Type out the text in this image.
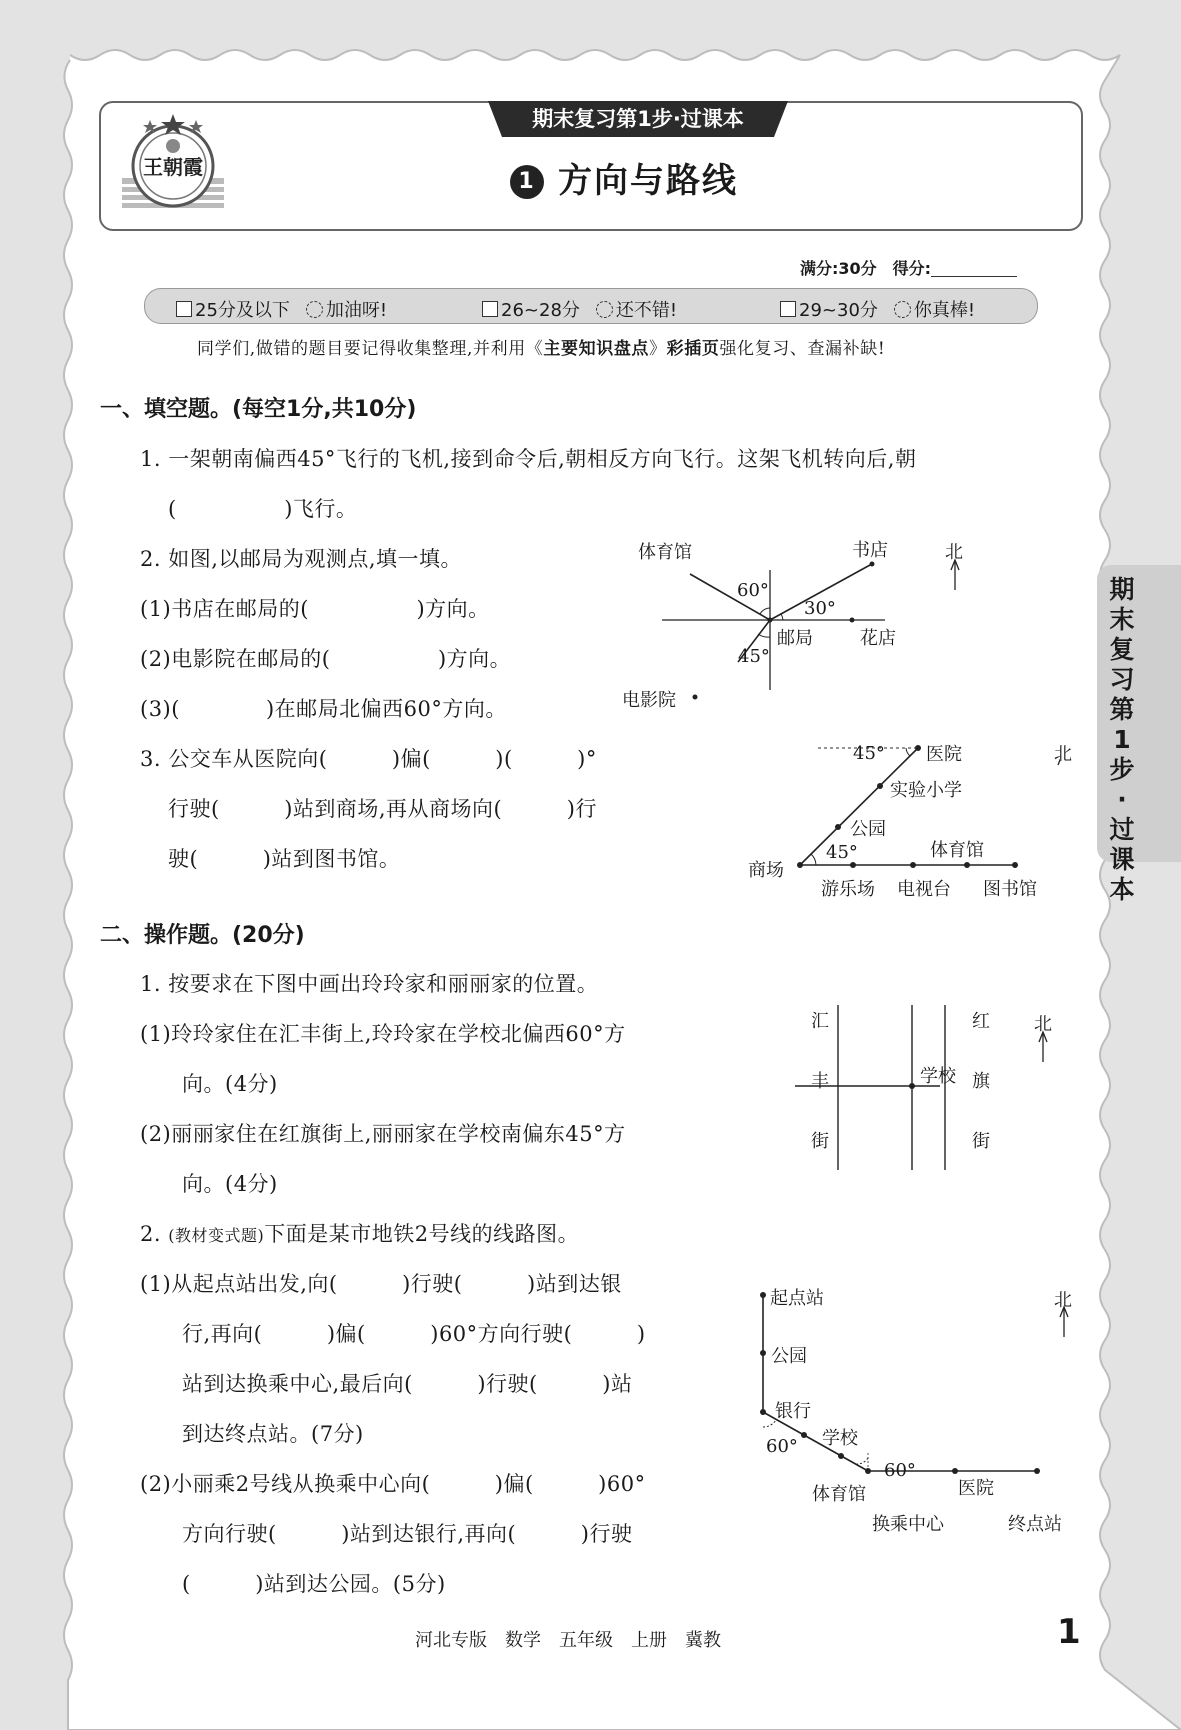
王朝霞
期末复习第1步·过课本
1 方向与路线
满分:30分　得分:
25分及以下 加油呀!	26~28分 还不错!	29~30分 你真棒!
同学们,做错的题目要记得收集整理,并利用《主要知识盘点》彩插页强化复习、查漏补缺!
一、填空题。(每空1分,共10分)
1. 一架朝南偏西45°飞行的飞机,接到命令后,朝相反方向飞行。这架飞机转向后,朝
(　　　　　)飞行。
2. 如图,以邮局为观测点,填一填。
(1)书店在邮局的(　　　　　)方向。
(2)电影院在邮局的(　　　　　)方向。
(3)(　　　　)在邮局北偏西60°方向。
3. 公交车从医院向(　　　)偏(　　　)(　　　)°
行驶(　　　)站到商场,再从商场向(　　　)行
驶(　　　)站到图书馆。
体育馆	书店	北
60°
30°
邮局	花店
45°
电影院
45° 医院	北
实验小学
公园
45°	体育馆
商场
游乐场 电视台 图书馆
二、操作题。(20分)
1. 按要求在下图中画出玲玲家和丽丽家的位置。
(1)玲玲家住在汇丰街上,玲玲家在学校北偏西60°方
向。(4分)
(2)丽丽家住在红旗街上,丽丽家在学校南偏东45°方
向。(4分)
2. (教材变式题)下面是某市地铁2号线的线路图。
(1)从起点站出发,向(　　　)行驶(　　　)站到达银
行,再向(　　　)偏(　　　)60°方向行驶(　　　)
站到达换乘中心,最后向(　　　)行驶(　　　)站
到达终点站。(7分)
(2)小丽乘2号线从换乘中心向(　　　)偏(　　　)60°
方向行驶(　　　)站到达银行,再向(　　　)行驶
(　　　)站到达公园。(5分)
汇
丰
街
学校
红
旗
街
北
起点站	北
公园
银行
60° 学校
60°
医院
体育馆
换乘中心	终点站
期
末
复
习
第
1
步
·
过
课
本
河北专版　数学　五年级　上册　冀教	1
